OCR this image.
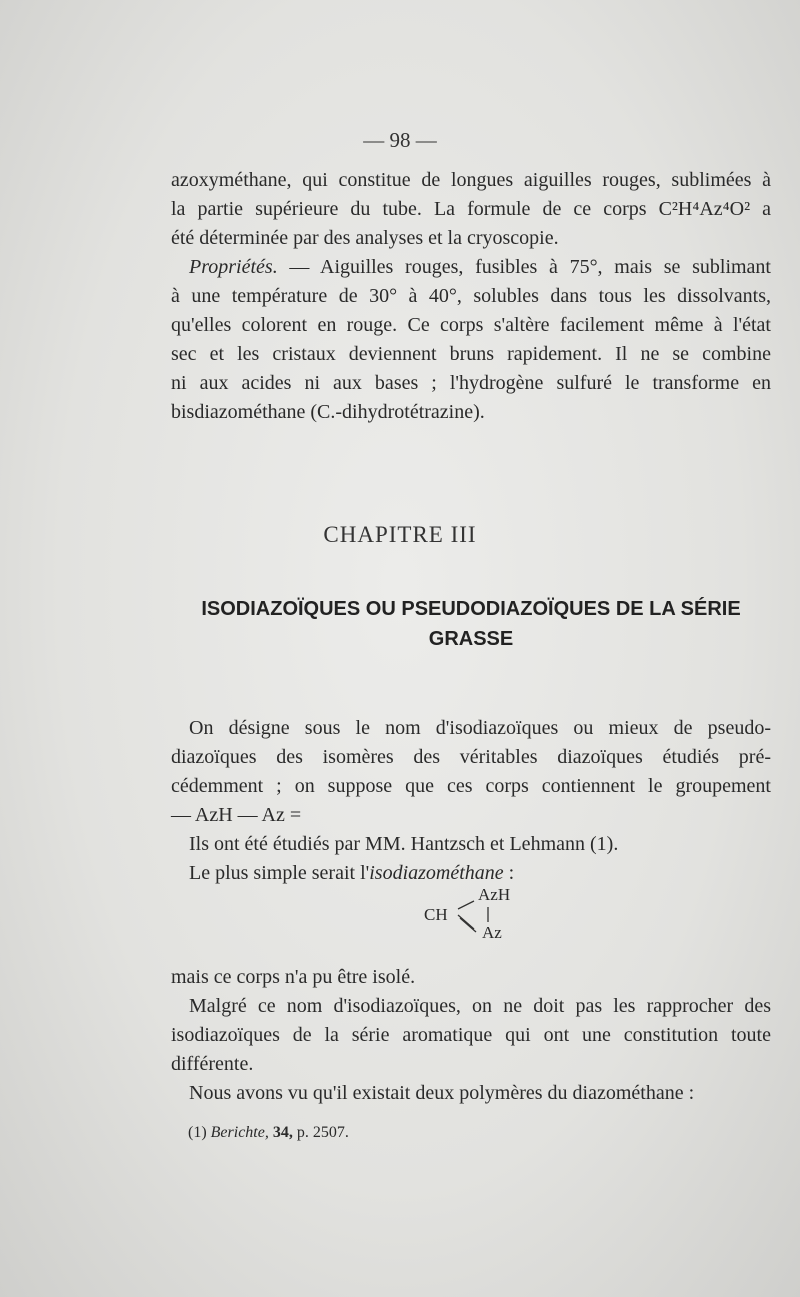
— 98 —
azoxyméthane, qui constitue de longues aiguilles rouges, sublimées à
la partie supérieure du tube. La formule de ce corps C²H⁴Az⁴O² a
été déterminée par des analyses et la cryoscopie.
Propriétés. — Aiguilles rouges, fusibles à 75°, mais se sublimant
à une température de 30° à 40°, solubles dans tous les dissolvants,
qu'elles colorent en rouge. Ce corps s'altère facilement même à l'état
sec et les cristaux deviennent bruns rapidement. Il ne se combine
ni aux acides ni aux bases ; l'hydrogène sulfuré le transforme en
bisdiazométhane (C.-dihydrotétrazine).
CHAPITRE III
ISODIAZOÏQUES OU PSEUDODIAZOÏQUES DE LA SÉRIE
GRASSE
On désigne sous le nom d'isodiazoïques ou mieux de pseudo-
diazoïques des isomères des véritables diazoïques étudiés pré-
cédemment ; on suppose que ces corps contiennent le groupement
— AzH — Az =
Ils ont été étudiés par MM. Hantzsch et Lehmann (1).
Le plus simple serait l'isodiazométhane :
CH
AzH
Az
mais ce corps n'a pu être isolé.
Malgré ce nom d'isodiazoïques, on ne doit pas les rapprocher des
isodiazoïques de la série aromatique qui ont une constitution toute
différente.
Nous avons vu qu'il existait deux polymères du diazométhane :
(1) Berichte, 34, p. 2507.
